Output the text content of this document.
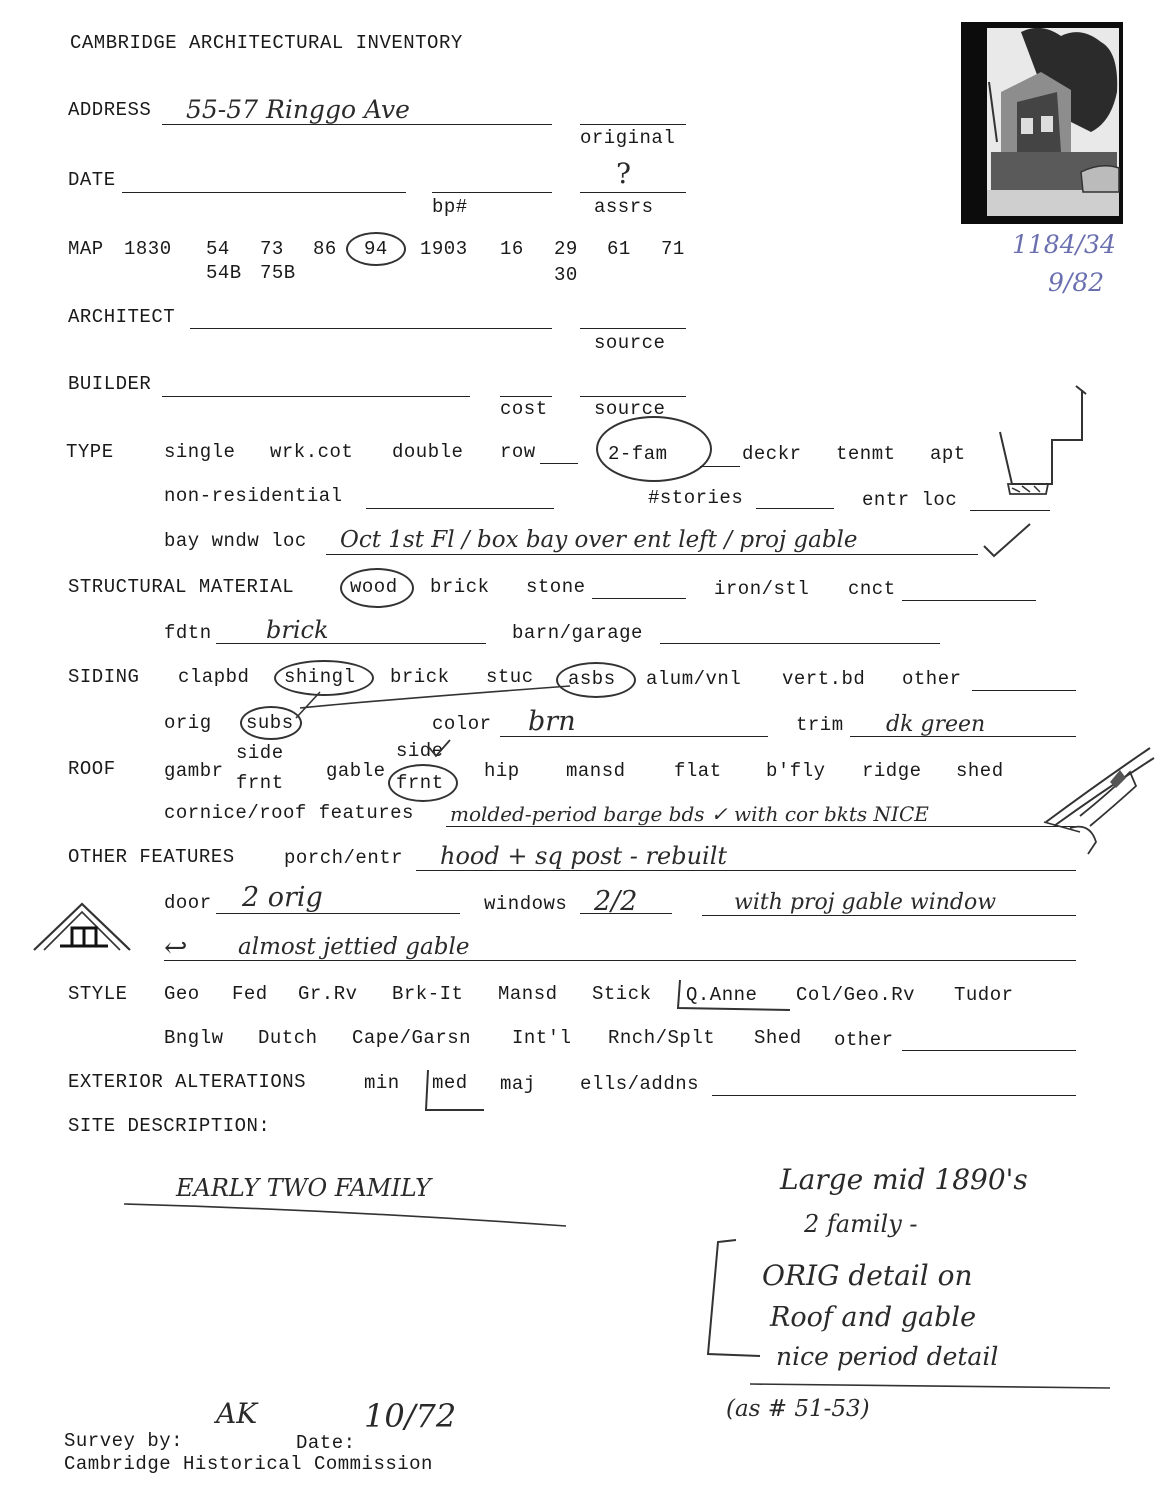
CAMBRIDGE ARCHITECTURAL INVENTORY
1184/34
9/82
ADDRESS 55-57 Ringgo Ave
original
DATE	?
bp#	assrs
MAP 1830 54 73 86 94 1903 16 29 61 71
54B 75B	30
ARCHITECT
source
BUILDER
cost source
TYPE	single wrk.cot double row	2-fam	deckr tenmt apt
non-residential	#stories	entr loc
bay wndw loc Oct 1st Fl / box bay over ent left / proj gable
STRUCTURAL MATERIAL	wood brick stone	iron/stl cnct
fdtn brick	barn/garage
SIDING clapbd shingl brick stuc asbs alum/vnl vert.bd other
orig subs	color brn	trim dk green
ROOF	gambr
side
frnt
gable
side
frnt
hip mansd	flat b'fly ridge shed
cornice/roof features molded-period barge bds ✓ with cor bkts NICE
OTHER FEATURES	porch/entr hood + sq post - rebuilt
door 2 orig	windows 2/2	with proj gable window
↩ almost jettied gable
STYLE Geo Fed Gr.Rv Brk-It Mansd Stick Q.Anne Col/Geo.Rv Tudor
Bnglw Dutch Cape/Garsn Int'l Rnch/Splt Shed other
EXTERIOR ALTERATIONS	min med maj ells/addns
SITE DESCRIPTION:
EARLY TWO FAMILY	Large mid 1890's
2 family -
ORIG detail on
Roof and gable
nice period detail
(as # 51-53)
Survey by:
AK
Date:
10/72
Cambridge Historical Commission
